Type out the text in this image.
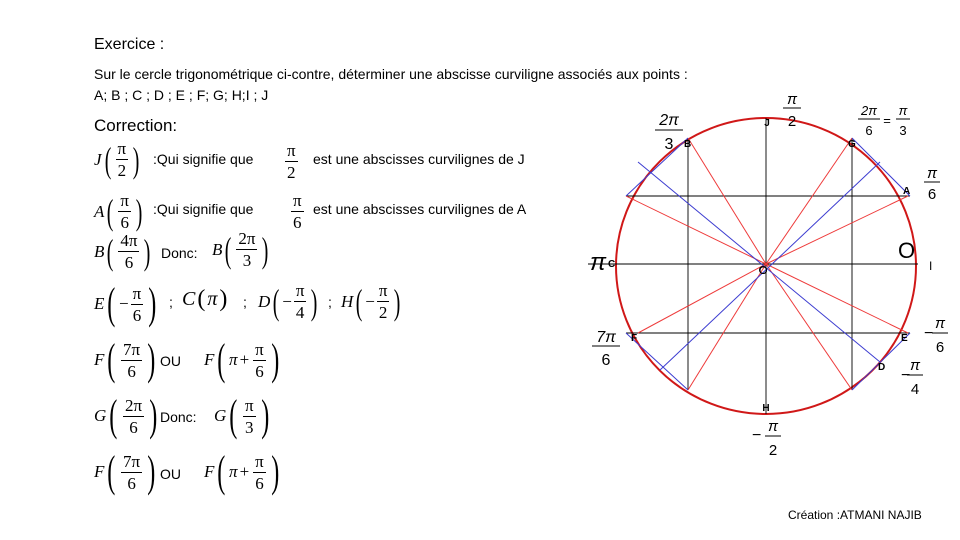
Exercice :
Sur le cercle trigonométrique ci-contre, déterminer une abscisse curviligne associés aux points :
A; B ; C ; D ; E ; F; G; H;I ; J
Correction:
J ( $\frac{\pi}{2}$ ) :Qui signifie que $\frac{\pi}{2}$ est une abscisses curvilignes de J
A ( $\frac{\pi}{6}$ ) :Qui signifie que $\frac{\pi}{6}$ est une abscisses curvilignes de A
B ( $\frac{4\pi}{6}$ ) Donc: B ( $\frac{2\pi}{3}$ )
E ( − $\frac{\pi}{6}$ ) ; C ( π ) ; D ( − $\frac{\pi}{4}$ ) ; H ( − $\frac{\pi}{2}$ )
F ( $\frac{7\pi}{6}$ ) OU F ( $\pi + \frac{\pi}{6}$ )
G ( $\frac{2\pi}{6}$ ) Donc: G ( $\frac{\pi}{3}$ )
F ( $\frac{7\pi}{6}$ ) OU F ( $\pi + \frac{\pi}{6}$ )
J
B	G
A
C
O
O
I
F	E
D
H
π
2
2π
3
2π
6
=
π
3
π
6
π
7π
6
−
π
6
−
π
4
−
π
2
Création :ATMANI NAJIB
